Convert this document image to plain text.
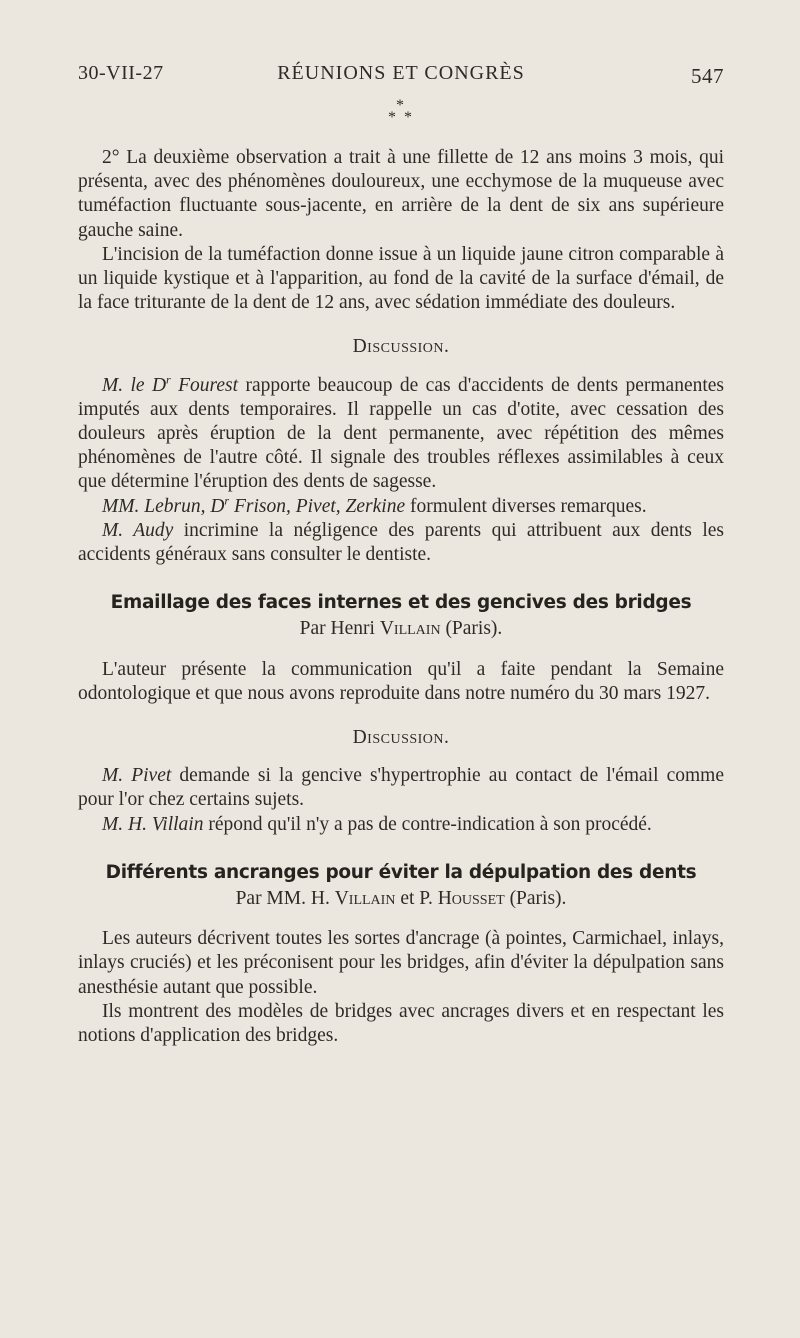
30-VII-27	RÉUNIONS ET CONGRÈS	547
*
*  *

2° La deuxième observation a trait à une fillette de 12 ans moins 3 mois, qui présenta, avec des phénomènes douloureux, une ecchymose de la muqueuse avec tuméfaction fluctuante sous-jacente, en arrière de la dent de six ans supérieure gauche saine.

L'incision de la tuméfaction donne issue à un liquide jaune citron comparable à un liquide kystique et à l'apparition, au fond de la cavité de la surface d'émail, de la face triturante de la dent de 12 ans, avec sédation immédiate des douleurs.

Discussion.

M. le $D^r$ Fourest rapporte beaucoup de cas d'accidents de dents permanentes imputés aux dents temporaires. Il rappelle un cas d'otite, avec cessation des douleurs après éruption de la dent permanente, avec répétition des mêmes phénomènes de l'autre côté. Il signale des troubles réflexes assimilables à ceux que détermine l'éruption des dents de sagesse.

MM. Lebrun, $D^r$ Frison, Pivet, Zerkine formulent diverses remarques.

M. Audy incrimine la négligence des parents qui attribuent aux dents les accidents généraux sans consulter le dentiste.

Emaillage des faces internes et des gencives des bridges

Par Henri Villain (Paris).

L'auteur présente la communication qu'il a faite pendant la Semaine odontologique et que nous avons reproduite dans notre numéro du 30 mars 1927.

Discussion.

M. Pivet demande si la gencive s'hypertrophie au contact de l'émail comme pour l'or chez certains sujets.

M. H. Villain répond qu'il n'y a pas de contre-indication à son procédé.

Différents ancranges pour éviter la dépulpation des dents

Par MM. H. Villain et P. Housset (Paris).

Les auteurs décrivent toutes les sortes d'ancrage (à pointes, Carmichael, inlays, inlays cruciés) et les préconisent pour les bridges, afin d'éviter la dépulpation sans anesthésie autant que possible.

Ils montrent des modèles de bridges avec ancrages divers et en respectant les notions d'application des bridges.
